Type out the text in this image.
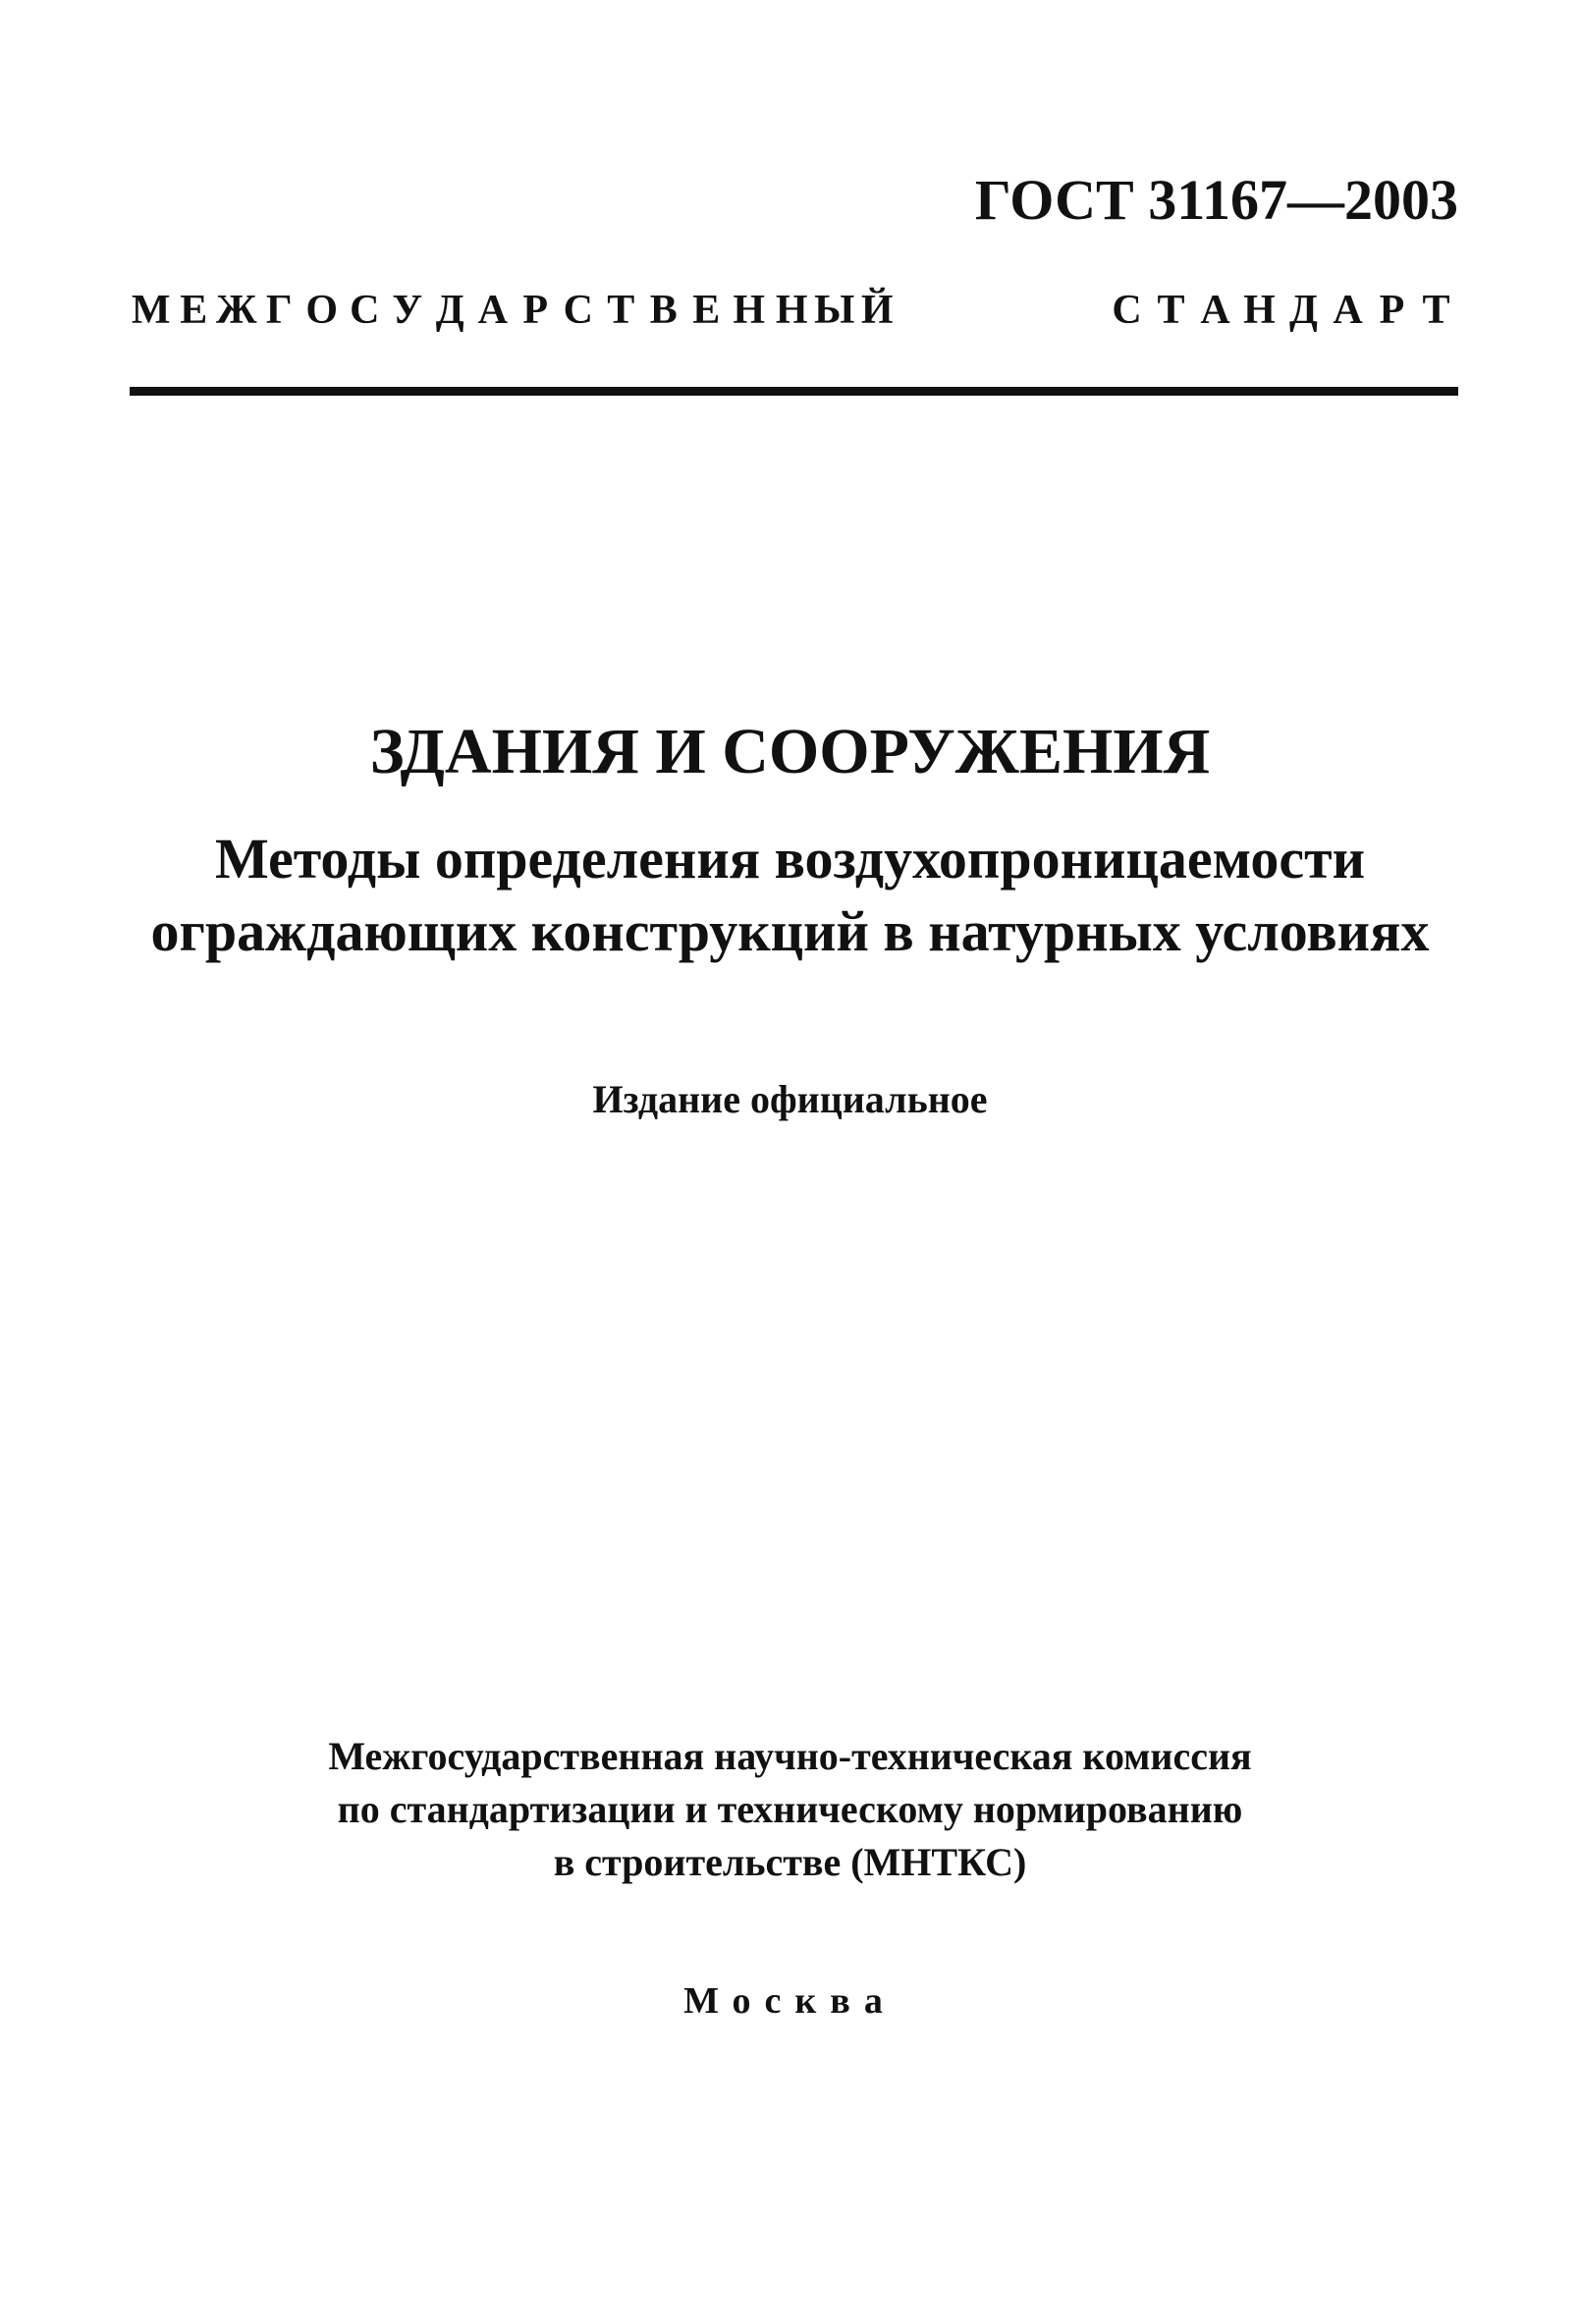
ГОСТ 31167—2003
М Е Ж Г О С У Д А Р С Т В Е Н Н Ы Й	С Т А Н Д А Р Т
ЗДАНИЯ И СООРУЖЕНИЯ
Методы определения воздухопроницаемости
ограждающих конструкций в натурных условиях
Издание официальное
Межгосударственная научно-техническая комиссия
по стандартизации и техническому нормированию
в строительстве (МНТКС)
Москва
